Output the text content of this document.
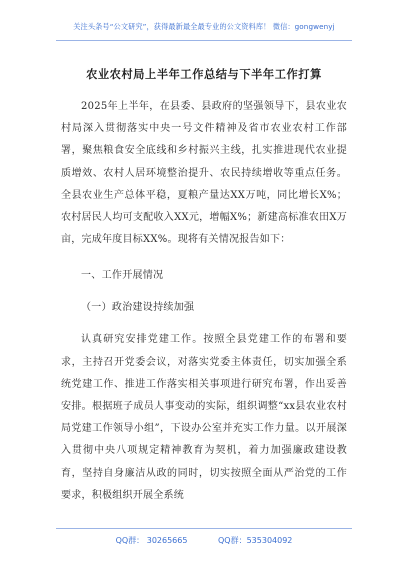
关注头条号“公文研究”，获得最新最全最专业的公文资料库！ 微信：gongwenyj
农业农村局上半年工作总结与下半年工作打算

2025年上半年，在县委、县政府的坚强领导下，县农业农村局深入贯彻落实中央一号文件精神及省市农业农村工作部署，聚焦粮食安全底线和乡村振兴主线，扎实推进现代农业提质增效、农村人居环境整治提升、农民持续增收等重点任务。全县农业生产总体平稳，夏粮产量达XX万吨，同比增长X%；农村居民人均可支配收入XX元，增幅X%；新建高标准农田X万亩，完成年度目标XX%。现将有关情况报告如下：

一、工作开展情况

（一）政治建设持续加强

认真研究安排党建工作。按照全县党建工作的布署和要求，主持召开党委会议，对落实党委主体责任，切实加强全系统党建工作、推进工作落实相关事项进行研究布署，作出妥善安排。根据班子成员人事变动的实际，组织调整“xx县农业农村局党建工作领导小组”，下设办公室并充实工作力量。以开展深入贯彻中央八项规定精神教育为契机，着力加强廉政建设教育，坚持自身廉洁从政的同时，切实按照全面从严治党的工作要求，积极组织开展全系统

QQ群： 30265665	QQ群：535304092
